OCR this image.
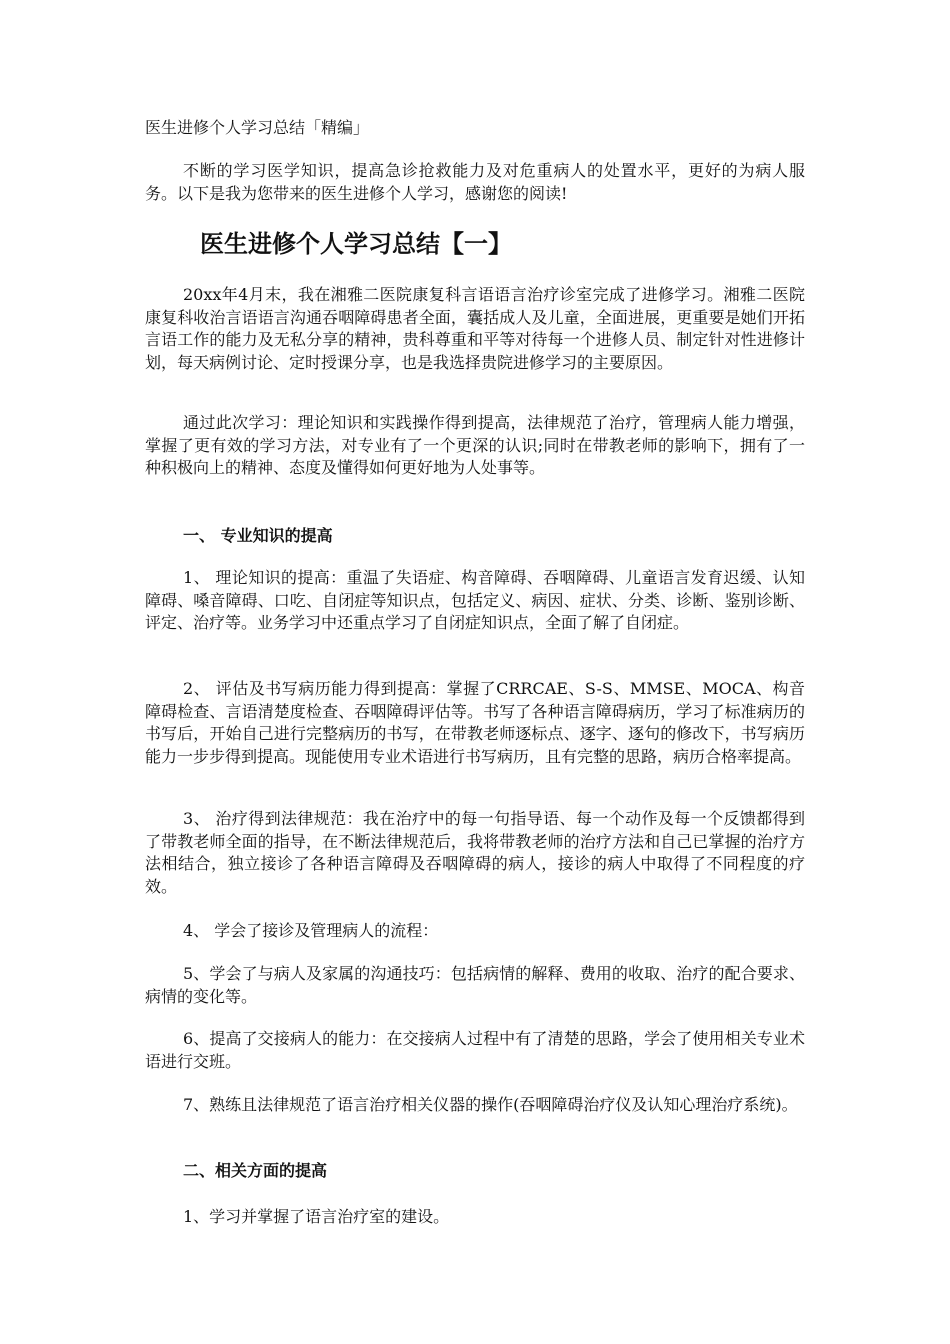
医生进修个人学习总结「精编」

不断的学习医学知识，提高急诊抢救能力及对危重病人的处置水平，更好的为病人服务。以下是我为您带来的医生进修个人学习，感谢您的阅读!

医生进修个人学习总结【一】

20xx年4月末，我在湘雅二医院康复科言语语言治疗诊室完成了进修学习。湘雅二医院康复科收治言语语言沟通吞咽障碍患者全面，囊括成人及儿童，全面进展，更重要是她们开拓言语工作的能力及无私分享的精神，贵科尊重和平等对待每一个进修人员、制定针对性进修计划，每天病例讨论、定时授课分享，也是我选择贵院进修学习的主要原因。

通过此次学习：理论知识和实践操作得到提高，法律规范了治疗，管理病人能力增强，掌握了更有效的学习方法，对专业有了一个更深的认识;同时在带教老师的影响下，拥有了一种积极向上的精神、态度及懂得如何更好地为人处事等。

一、 专业知识的提高

1、 理论知识的提高：重温了失语症、构音障碍、吞咽障碍、儿童语言发育迟缓、认知障碍、嗓音障碍、口吃、自闭症等知识点，包括定义、病因、症状、分类、诊断、鉴别诊断、评定、治疗等。业务学习中还重点学习了自闭症知识点，全面了解了自闭症。

2、 评估及书写病历能力得到提高：掌握了CRRCAE、S-S、MMSE、MOCA、构音障碍检查、言语清楚度检查、吞咽障碍评估等。书写了各种语言障碍病历，学习了标准病历的书写后，开始自己进行完整病历的书写，在带教老师逐标点、逐字、逐句的修改下，书写病历能力一步步得到提高。现能使用专业术语进行书写病历，且有完整的思路，病历合格率提高。

3、 治疗得到法律规范：我在治疗中的每一句指导语、每一个动作及每一个反馈都得到了带教老师全面的指导，在不断法律规范后，我将带教老师的治疗方法和自己已掌握的治疗方法相结合，独立接诊了各种语言障碍及吞咽障碍的病人，接诊的病人中取得了不同程度的疗效。

4、 学会了接诊及管理病人的流程：

5、学会了与病人及家属的沟通技巧：包括病情的解释、费用的收取、治疗的配合要求、病情的变化等。

6、提高了交接病人的能力：在交接病人过程中有了清楚的思路，学会了使用相关专业术语进行交班。

7、熟练且法律规范了语言治疗相关仪器的操作(吞咽障碍治疗仪及认知心理治疗系统)。

二、相关方面的提高

1、学习并掌握了语言治疗室的建设。
